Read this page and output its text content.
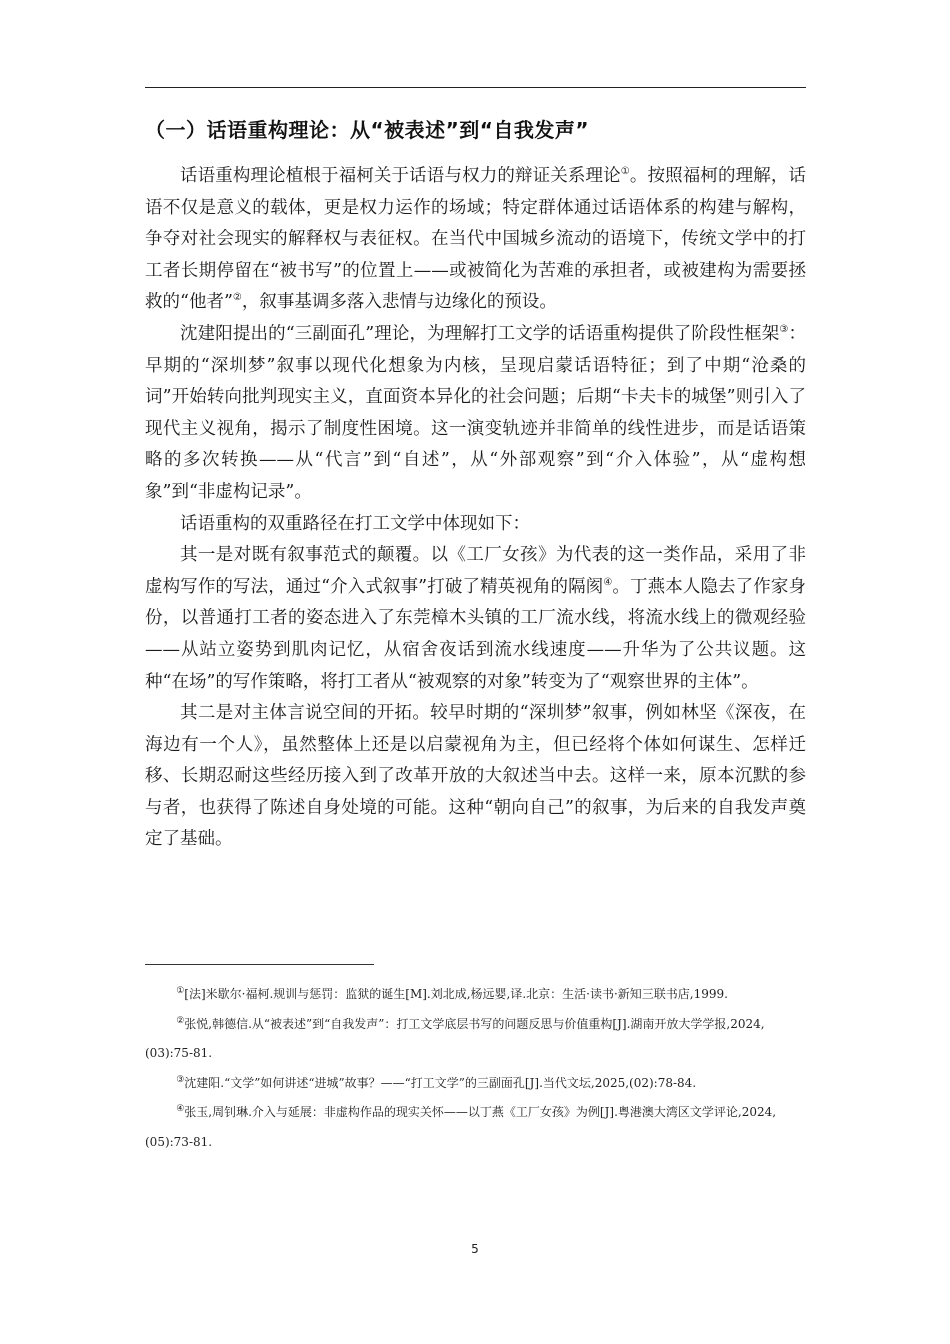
（一）话语重构理论：从“被表述”到“自我发声”

话语重构理论植根于福柯关于话语与权力的辩证关系理论①。按照福柯的理解，话语不仅是意义的载体，更是权力运作的场域；特定群体通过话语体系的构建与解构，争夺对社会现实的解释权与表征权。在当代中国城乡流动的语境下，传统文学中的打工者长期停留在“被书写”的位置上——或被简化为苦难的承担者，或被建构为需要拯救的“他者”②，叙事基调多落入悲情与边缘化的预设。

沈建阳提出的“三副面孔”理论，为理解打工文学的话语重构提供了阶段性框架③：早期的“深圳梦”叙事以现代化想象为内核，呈现启蒙话语特征；到了中期“沧桑的词”开始转向批判现实主义，直面资本异化的社会问题；后期“卡夫卡的城堡”则引入了现代主义视角，揭示了制度性困境。这一演变轨迹并非简单的线性进步，而是话语策略的多次转换——从“代言”到“自述”，从“外部观察”到“介入体验”，从“虚构想象”到“非虚构记录”。

话语重构的双重路径在打工文学中体现如下：

其一是对既有叙事范式的颠覆。以《工厂女孩》为代表的这一类作品，采用了非虚构写作的写法，通过“介入式叙事”打破了精英视角的隔阂④。丁燕本人隐去了作家身份，以普通打工者的姿态进入了东莞樟木头镇的工厂流水线，将流水线上的微观经验——从站立姿势到肌肉记忆，从宿舍夜话到流水线速度——升华为了公共议题。这种“在场”的写作策略，将打工者从“被观察的对象”转变为了“观察世界的主体”。

其二是对主体言说空间的开拓。较早时期的“深圳梦”叙事，例如林坚《深夜，在海边有一个人》，虽然整体上还是以启蒙视角为主，但已经将个体如何谋生、怎样迁移、长期忍耐这些经历接入到了改革开放的大叙述当中去。这样一来，原本沉默的参与者，也获得了陈述自身处境的可能。这种“朝向自己”的叙事，为后来的自我发声奠定了基础。

①[法]米歇尔·福柯.规训与惩罚：监狱的诞生[M].刘北成,杨远婴,译.北京：生活·读书·新知三联书店,1999.

②张悦,韩德信.从“被表述”到“自我发声”：打工文学底层书写的问题反思与价值重构[J].湖南开放大学学报,2024,(03):75-81.

③沈建阳.“文学”如何讲述“进城”故事？——“打工文学”的三副面孔[J].当代文坛,2025,(02):78-84.

④张玉,周钊琳.介入与延展：非虚构作品的现实关怀——以丁燕《工厂女孩》为例[J].粤港澳大湾区文学评论,2024,(05):73-81.

5
